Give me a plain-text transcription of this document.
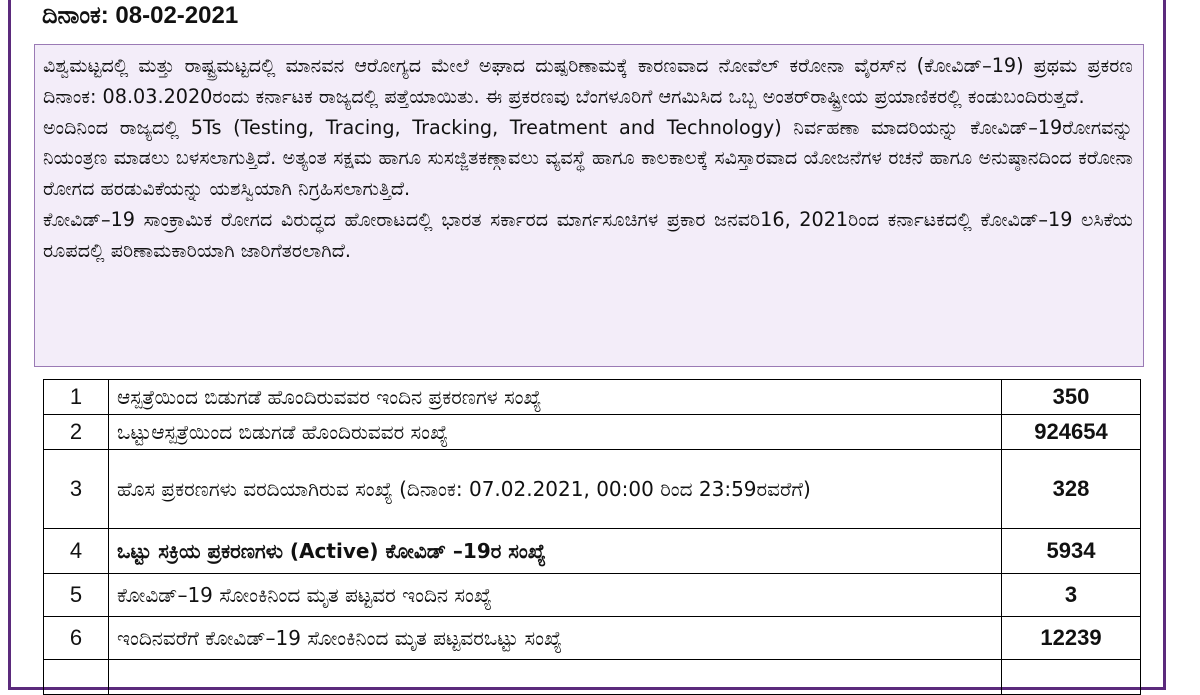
ದಿನಾಂಕ: 08-02-2021

ವಿಶ್ವಮಟ್ಟದಲ್ಲಿ ಮತ್ತು ರಾಷ್ಟ್ರಮಟ್ಟದಲ್ಲಿ ಮಾನವನ ಆರೋಗ್ಯದ ಮೇಲೆ ಅಘಾದ ದುಷ್ಪರಿಣಾಮಕ್ಕೆ ಕಾರಣವಾದ ನೋವೆಲ್ ಕರೋನಾ ವೈರಸ್‌ನ (ಕೋವಿಡ್–19) ಪ್ರಥಮ ಪ್ರಕರಣ ದಿನಾಂಕ: 08.03.2020ರಂದು ಕರ್ನಾಟಕ ರಾಜ್ಯದಲ್ಲಿ ಪತ್ತೆಯಾಯಿತು. ಈ ಪ್ರಕರಣವು ಬೆಂಗಳೂರಿಗೆ ಆಗಮಿಸಿದ ಒಬ್ಬ ಅಂತರ್‌ರಾಷ್ಟ್ರೀಯ ಪ್ರಯಾಣಿಕರಲ್ಲಿ ಕಂಡುಬಂದಿರುತ್ತದೆ.

ಅಂದಿನಿಂದ ರಾಜ್ಯದಲ್ಲಿ 5Ts (Testing, Tracing, Tracking, Treatment and Technology) ನಿರ್ವಹಣಾ ಮಾದರಿಯನ್ನು ಕೋವಿಡ್–19ರೋಗವನ್ನು ನಿಯಂತ್ರಣ ಮಾಡಲು ಬಳಸಲಾಗುತ್ತಿದೆ. ಅತ್ಯಂತ ಸಕ್ಷಮ ಹಾಗೂ ಸುಸಜ್ಜಿತಕಣ್ಗಾವಲು ವ್ಯವಸ್ಥೆ ಹಾಗೂ ಕಾಲಕಾಲಕ್ಕೆ ಸವಿಸ್ತಾರವಾದ ಯೋಜನೆಗಳ ರಚನೆ ಹಾಗೂ ಅನುಷ್ಠಾನದಿಂದ ಕರೋನಾ ರೋಗದ ಹರಡುವಿಕೆಯನ್ನು ಯಶಸ್ವಿಯಾಗಿ ನಿಗ್ರಹಿಸಲಾಗುತ್ತಿದೆ.

ಕೋವಿಡ್–19 ಸಾಂಕ್ರಾಮಿಕ ರೋಗದ ವಿರುದ್ಧದ ಹೋರಾಟದಲ್ಲಿ ಭಾರತ ಸರ್ಕಾರದ ಮಾರ್ಗಸೂಚಿಗಳ ಪ್ರಕಾರ ಜನವರಿ16, 2021ರಿಂದ ಕರ್ನಾಟಕದಲ್ಲಿ ಕೋವಿಡ್–19 ಲಸಿಕೆಯ ರೂಪದಲ್ಲಿ ಪರಿಣಾಮಕಾರಿಯಾಗಿ ಜಾರಿಗೆತರಲಾಗಿದೆ.

1	ಆಸ್ಪತ್ರೆಯಿಂದ ಬಿಡುಗಡೆ ಹೊಂದಿರುವವರ ಇಂದಿನ ಪ್ರಕರಣಗಳ ಸಂಖ್ಯೆ	350
2	ಒಟ್ಟುಆಸ್ಪತ್ರೆಯಿಂದ ಬಿಡುಗಡೆ ಹೊಂದಿರುವವರ ಸಂಖ್ಯೆ	924654
3	ಹೊಸ ಪ್ರಕರಣಗಳು ವರದಿಯಾಗಿರುವ ಸಂಖ್ಯೆ (ದಿನಾಂಕ: 07.02.2021, 00:00 ರಿಂದ 23:59ರವರೆಗೆ)	328
4	ಒಟ್ಟು ಸಕ್ರಿಯ ಪ್ರಕರಣಗಳು (Active) ಕೋವಿಡ್ –19ರ ಸಂಖ್ಯೆ	5934
5	ಕೋವಿಡ್–19 ಸೋಂಕಿನಿಂದ ಮೃತ ಪಟ್ಟವರ ಇಂದಿನ ಸಂಖ್ಯೆ	3
6	ಇಂದಿನವರೆಗೆ ಕೋವಿಡ್–19 ಸೋಂಕಿನಿಂದ ಮೃತ ಪಟ್ಟವರಒಟ್ಟು ಸಂಖ್ಯೆ	12239
